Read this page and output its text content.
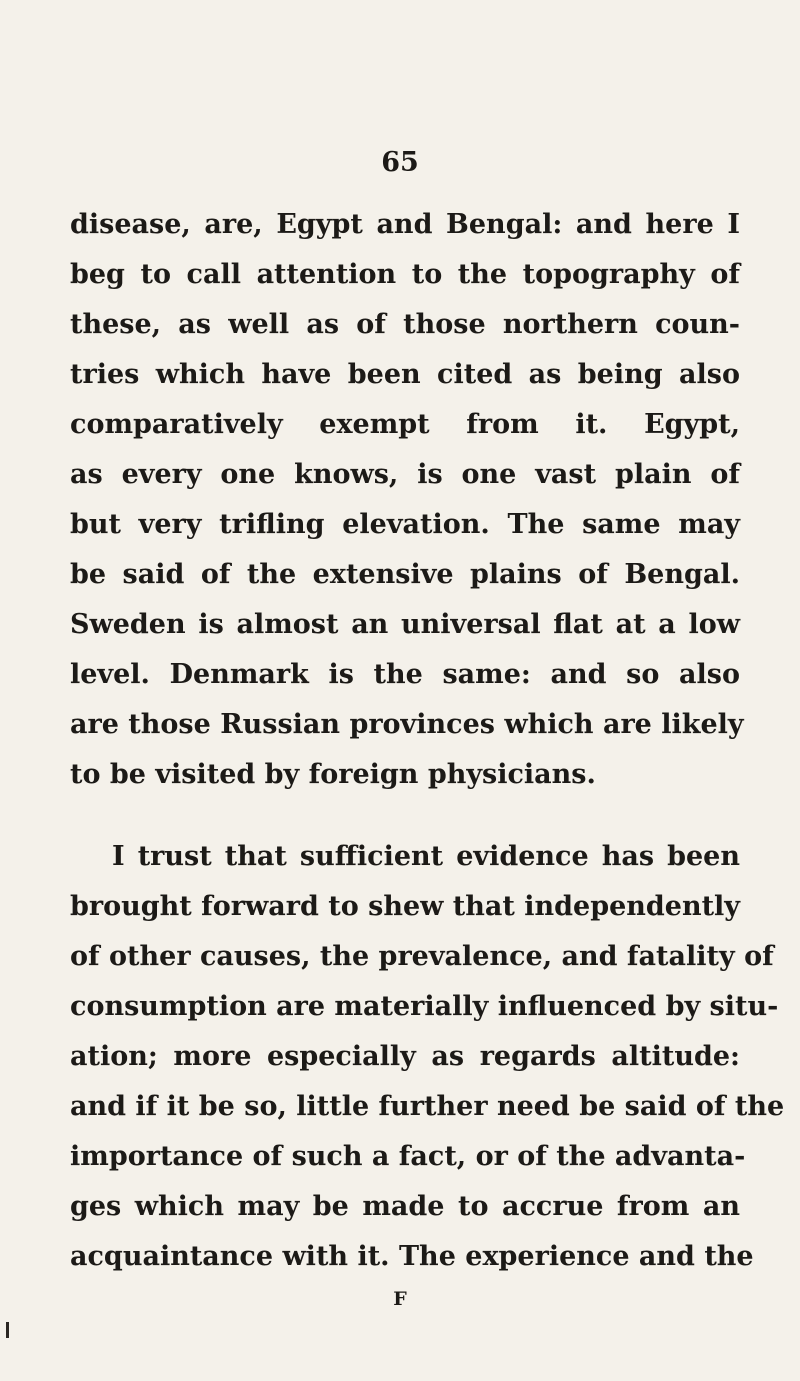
65
disease, are, Egypt and Bengal: and here I
beg to call attention to the topography of
these, as well as of those northern coun-
tries which have been cited as being also
comparatively exempt from it. Egypt,
as every one knows, is one vast plain of
but very trifling elevation. The same may
be said of the extensive plains of Bengal.
Sweden is almost an universal flat at a low
level. Denmark is the same: and so also
are those Russian provinces which are likely
to be visited by foreign physicians.
I trust that sufficient evidence has been
brought forward to shew that independently
of other causes, the prevalence, and fatality of
consumption are materially influenced by situ-
ation; more especially as regards altitude:
and if it be so, little further need be said of the
importance of such a fact, or of the advanta-
ges which may be made to accrue from an
acquaintance with it. The experience and the
F
